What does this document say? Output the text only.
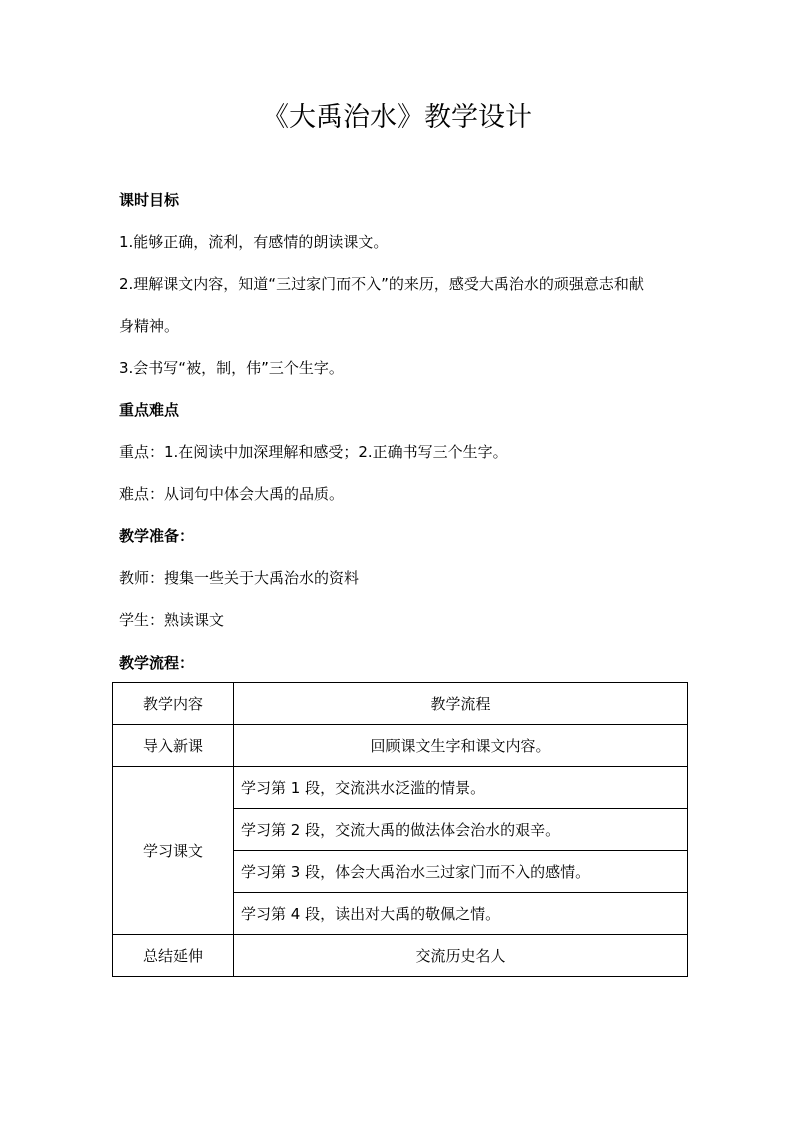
《大禹治水》教学设计
课时目标
1.能够正确，流利，有感情的朗读课文。
2.理解课文内容，知道“三过家门而不入”的来历，感受大禹治水的顽强意志和献
身精神。
3.会书写“被，制，伟”三个生字。
重点难点
重点：1.在阅读中加深理解和感受；2.正确书写三个生字。
难点：从词句中体会大禹的品质。
教学准备：
教师：搜集一些关于大禹治水的资料
学生：熟读课文
教学流程：
教学内容	教学流程
导入新课	回顾课文生字和课文内容。
学习课文	学习第 1 段，交流洪水泛滥的情景。
	学习第 2 段，交流大禹的做法体会治水的艰辛。
	学习第 3 段，体会大禹治水三过家门而不入的感情。
	学习第 4 段，读出对大禹的敬佩之情。
总结延伸	交流历史名人
